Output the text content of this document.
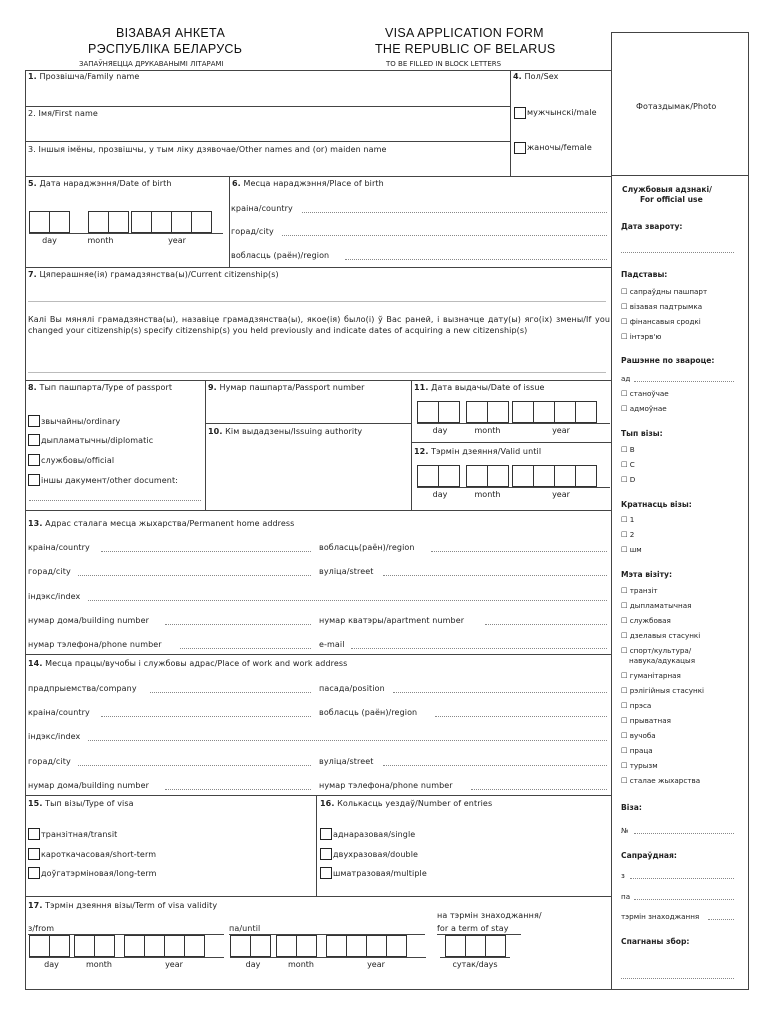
ВІЗАВАЯ АНКЕТА
РЭСПУБЛІКА БЕЛАРУСЬ
ЗАПАЎНЯЕЦЦА ДРУКАВАНЫМІ ЛІТАРАМІ
VISA APPLICATION FORM
THE REPUBLIC OF BELARUS
TO BE FILLED IN BLOCK LETTERS
1. Прозвішча/Family name
2. Імя/First name
3. Іншыя імёны, прозвішчы, у тым ліку дзявочае/Other names and (or) maiden name
4. Пол/Sex
мужчынскі/male
жаночы/female
Фотаздымак/Photo
5. Дата нараджэння/Date of birth
day	month	year
6. Месца нараджэння/Place of birth
краіна/country
горад/city
вобласць (раён)/region
7. Цяперашняе(ія) грамадзянства(ы)/Current citizenship(s)
Калі Вы мянялі грамадзянства(ы), назавіце грамадзянства(ы), якое(ія) было(і) ў Вас раней, і вызначце дату(ы) яго(іх) змены/If you changed your citizenship(s) specify citizenship(s) you held previously and indicate dates of acquiring a new citizenship(s)
8. Тып пашпарта/Type of passport
звычайны/ordinary
дыпламатычны/diplomatic
службовы/official
іншы дакумент/other document:
9. Нумар пашпарта/Passport number
10. Кім выдадзены/Issuing authority
11. Дата выдачы/Date of issue
day	month	year
12. Тэрмін дзеяння/Valid until
day	month	year
13. Адрас сталага месца жыхарства/Permanent home address
краіна/country	вобласць(раён)/region
горад/city	вуліца/street
індэкс/index
нумар дома/building number	нумар кватэры/apartment number
нумар тэлефона/phone number	e-mail
14. Месца працы/вучобы і службовы адрас/Place of work and work address
прадпрыемства/company	пасада/position
краіна/country	вобласць (раён)/region
індэкс/index
горад/city	вуліца/street
нумар дома/building number	нумар тэлефона/phone number
15. Тып візы/Type of visa
транзітная/transit
кароткачасовая/short-term
доўгатэрміновая/long-term
16. Колькасць уездаў/Number of entries
аднаразовая/single
двухразовая/double
шматразовая/multiple
17. Тэрмін дзеяння візы/Term of visa validity
з/from	па/until
на тэрмін знаходжання/
for a term of stay
day	month	year	day	month	year	сутак/days
Службовыя адзнакі/
For official use
Дата звароту:
Падставы:
☐ сапраўдны пашпарт
☐ візавая падтрымка
☐ фінансавыя сродкі
☐ інтэрв'ю
Рашэнне по звароце:
ад
☐ станоўчае
☐ адмоўнае
Тып візы:
☐ B
☐ C
☐ D
Кратнасць візы:
☐ 1
☐ 2
☐ шм
Мэта візіту:
☐ транзіт
☐ дыпламатычная
☐ службовая
☐ дзелавыя стасункі
☐ спорт/культура/
навука/адукацыя
☐ гуманітарная
☐ рэлігійныя стасункі
☐ прэса
☐ прыватная
☐ вучоба
☐ праца
☐ турызм
☐ сталае жыхарства
Віза:
№
Сапраўдная:
з
па
тэрмін знаходжання
Спагнаны збор:
